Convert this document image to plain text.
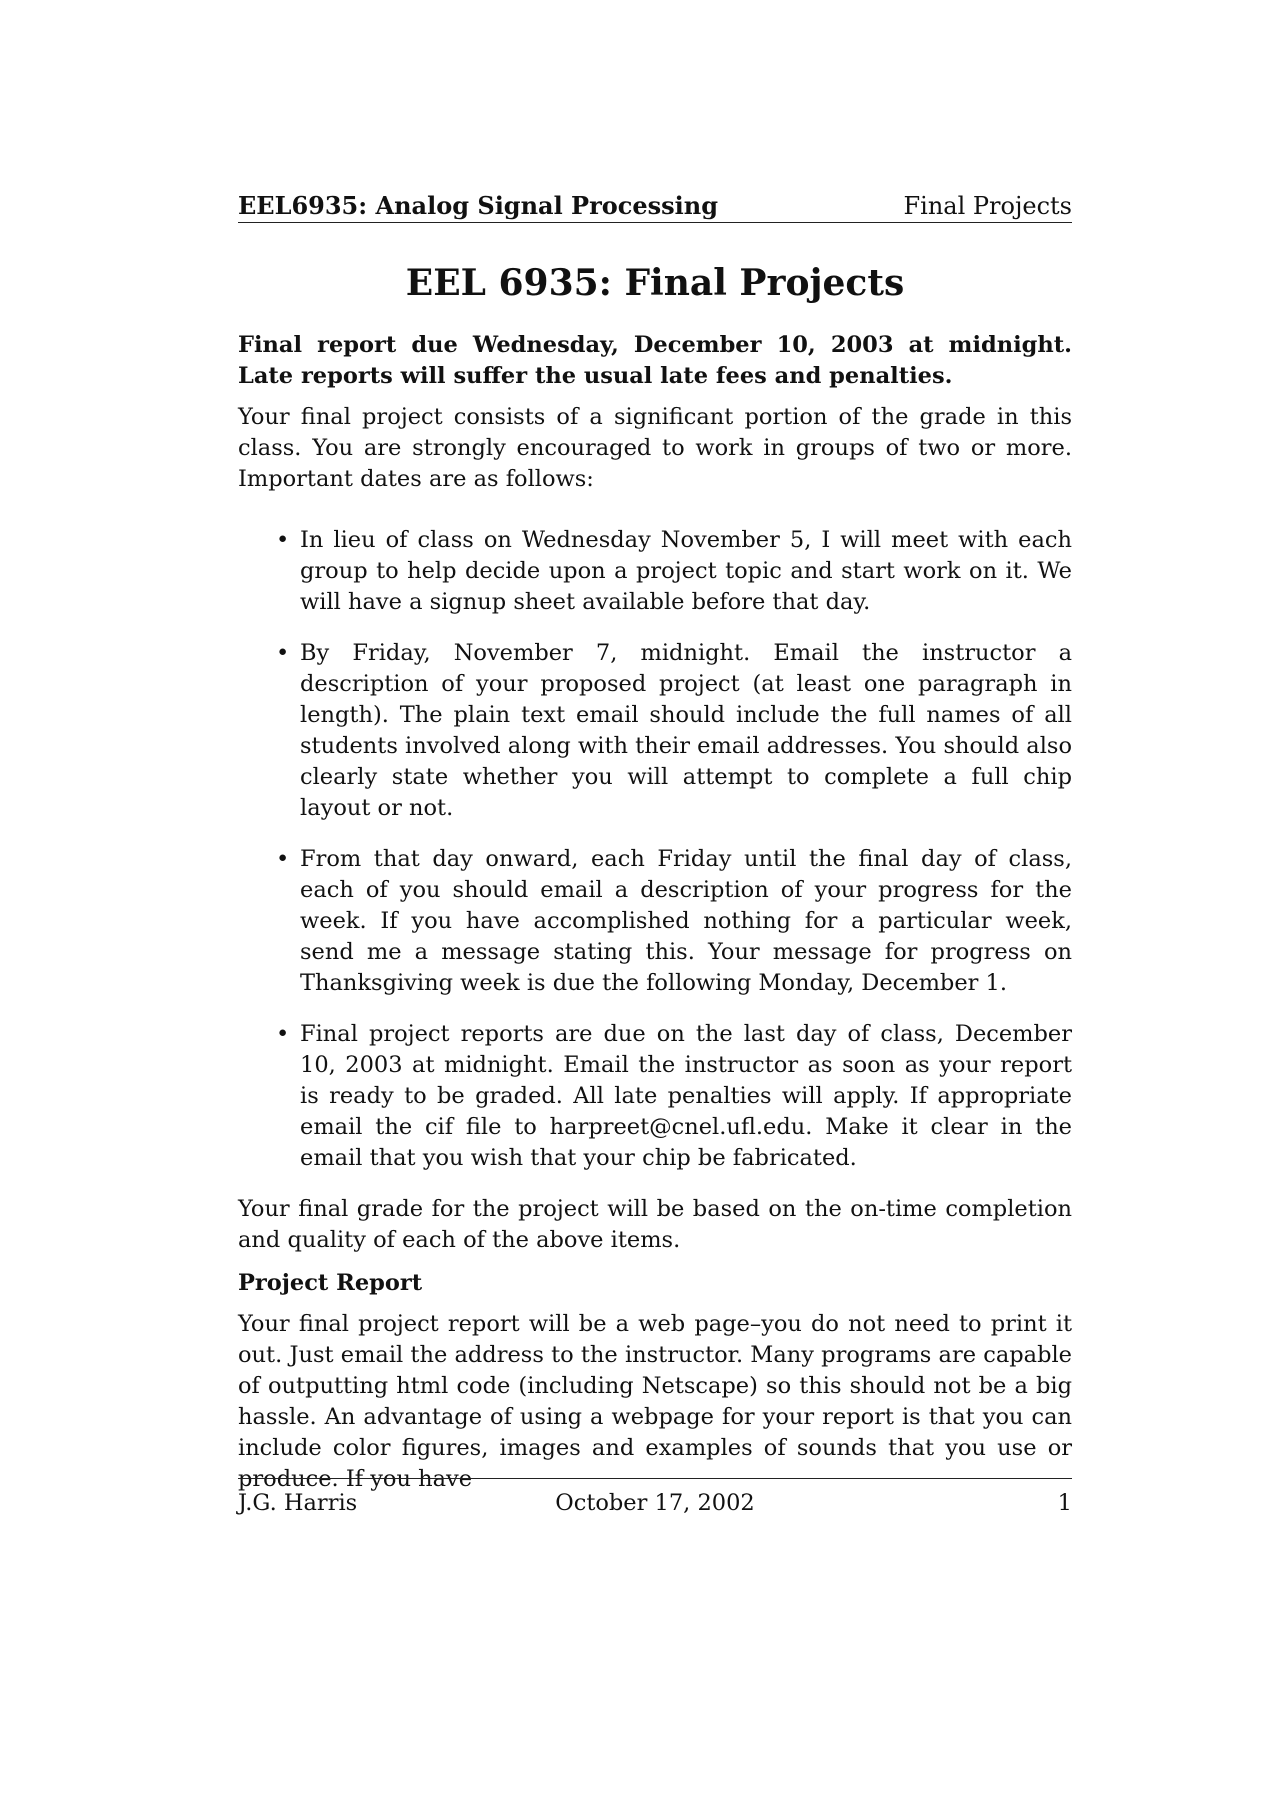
EEL6935: Analog Signal Processing	Final Projects
EEL 6935: Final Projects

Final report due Wednesday, December 10, 2003 at midnight. Late reports will suffer the usual late fees and penalties.

Your final project consists of a significant portion of the grade in this class. You are strongly encouraged to work in groups of two or more. Important dates are as follows:

• In lieu of class on Wednesday November 5, I will meet with each group to help decide upon a project topic and start work on it. We will have a signup sheet available before that day.
• By Friday, November 7, midnight. Email the instructor a description of your proposed project (at least one paragraph in length). The plain text email should include the full names of all students involved along with their email addresses. You should also clearly state whether you will attempt to complete a full chip layout or not.
• From that day onward, each Friday until the final day of class, each of you should email a description of your progress for the week. If you have accomplished nothing for a particular week, send me a message stating this. Your message for progress on Thanksgiving week is due the following Monday, December 1.
• Final project reports are due on the last day of class, December 10, 2003 at midnight. Email the instructor as soon as your report is ready to be graded. All late penalties will apply. If appropriate email the cif file to harpreet@cnel.ufl.edu. Make it clear in the email that you wish that your chip be fabricated.

Your final grade for the project will be based on the on-time completion and quality of each of the above items.

Project Report

Your final project report will be a web page–you do not need to print it out. Just email the address to the instructor. Many programs are capable of outputting html code (including Netscape) so this should not be a big hassle. An advantage of using a webpage for your report is that you can include color figures, images and examples of sounds that you use or produce. If you have

J.G. Harris	October 17, 2002	1
